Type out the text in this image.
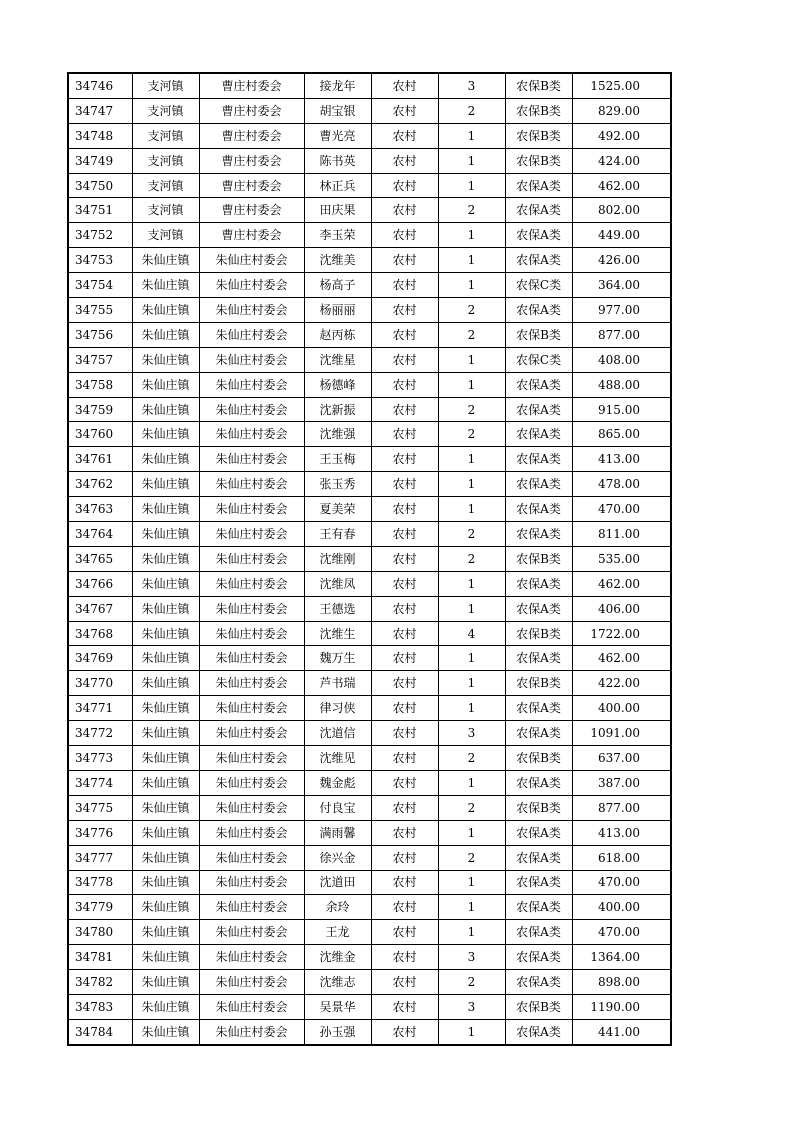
34746	支河镇	曹庄村委会	接龙年	农村	3	农保B类	1525.00
34747	支河镇	曹庄村委会	胡宝银	农村	2	农保B类	829.00
34748	支河镇	曹庄村委会	曹光亮	农村	1	农保B类	492.00
34749	支河镇	曹庄村委会	陈书英	农村	1	农保B类	424.00
34750	支河镇	曹庄村委会	林正兵	农村	1	农保A类	462.00
34751	支河镇	曹庄村委会	田庆果	农村	2	农保A类	802.00
34752	支河镇	曹庄村委会	李玉荣	农村	1	农保A类	449.00
34753	朱仙庄镇	朱仙庄村委会	沈维美	农村	1	农保A类	426.00
34754	朱仙庄镇	朱仙庄村委会	杨高子	农村	1	农保C类	364.00
34755	朱仙庄镇	朱仙庄村委会	杨丽丽	农村	2	农保A类	977.00
34756	朱仙庄镇	朱仙庄村委会	赵丙栋	农村	2	农保B类	877.00
34757	朱仙庄镇	朱仙庄村委会	沈维星	农村	1	农保C类	408.00
34758	朱仙庄镇	朱仙庄村委会	杨德峰	农村	1	农保A类	488.00
34759	朱仙庄镇	朱仙庄村委会	沈新振	农村	2	农保A类	915.00
34760	朱仙庄镇	朱仙庄村委会	沈维强	农村	2	农保A类	865.00
34761	朱仙庄镇	朱仙庄村委会	王玉梅	农村	1	农保A类	413.00
34762	朱仙庄镇	朱仙庄村委会	张玉秀	农村	1	农保A类	478.00
34763	朱仙庄镇	朱仙庄村委会	夏美荣	农村	1	农保A类	470.00
34764	朱仙庄镇	朱仙庄村委会	王有春	农村	2	农保A类	811.00
34765	朱仙庄镇	朱仙庄村委会	沈维刚	农村	2	农保B类	535.00
34766	朱仙庄镇	朱仙庄村委会	沈维凤	农村	1	农保A类	462.00
34767	朱仙庄镇	朱仙庄村委会	王德选	农村	1	农保A类	406.00
34768	朱仙庄镇	朱仙庄村委会	沈维生	农村	4	农保B类	1722.00
34769	朱仙庄镇	朱仙庄村委会	魏万生	农村	1	农保A类	462.00
34770	朱仙庄镇	朱仙庄村委会	芦书瑞	农村	1	农保B类	422.00
34771	朱仙庄镇	朱仙庄村委会	律习侠	农村	1	农保A类	400.00
34772	朱仙庄镇	朱仙庄村委会	沈道信	农村	3	农保A类	1091.00
34773	朱仙庄镇	朱仙庄村委会	沈维见	农村	2	农保B类	637.00
34774	朱仙庄镇	朱仙庄村委会	魏金彪	农村	1	农保A类	387.00
34775	朱仙庄镇	朱仙庄村委会	付良宝	农村	2	农保B类	877.00
34776	朱仙庄镇	朱仙庄村委会	满雨馨	农村	1	农保A类	413.00
34777	朱仙庄镇	朱仙庄村委会	徐兴金	农村	2	农保A类	618.00
34778	朱仙庄镇	朱仙庄村委会	沈道田	农村	1	农保A类	470.00
34779	朱仙庄镇	朱仙庄村委会	余玲	农村	1	农保A类	400.00
34780	朱仙庄镇	朱仙庄村委会	王龙	农村	1	农保A类	470.00
34781	朱仙庄镇	朱仙庄村委会	沈维金	农村	3	农保A类	1364.00
34782	朱仙庄镇	朱仙庄村委会	沈维志	农村	2	农保A类	898.00
34783	朱仙庄镇	朱仙庄村委会	吴景华	农村	3	农保B类	1190.00
34784	朱仙庄镇	朱仙庄村委会	孙玉强	农村	1	农保A类	441.00
